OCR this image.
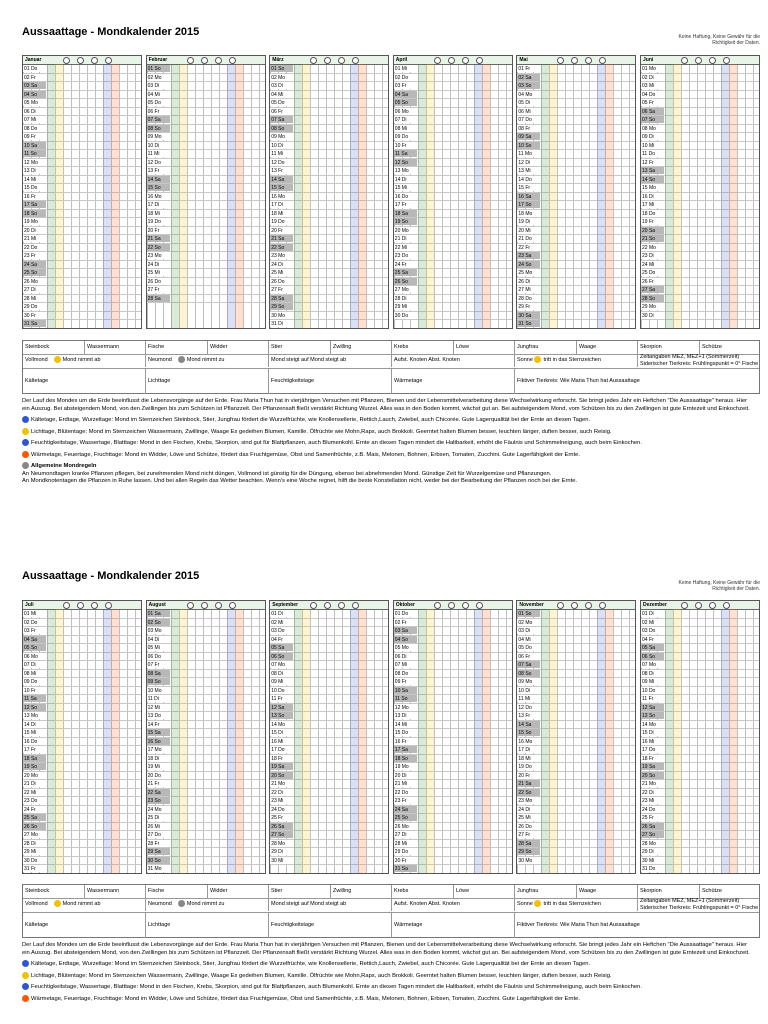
Aussaattage - Mondkalender 2015	Keine Haftung, Keine Gewähr für die Richtigkeit der Daten.
Januar
01 Do
02 Fr
03 Sa
04 So
05 Mo
06 Di
07 Mi
08 Do
09 Fr
10 Sa
11 So
12 Mo
13 Di
14 Mi
15 Do
16 Fr
17 Sa
18 So
19 Mo
20 Di
21 Mi
22 Do
23 Fr
24 Sa
25 So
26 Mo
27 Di
28 Mi
29 Do
30 Fr
31 Sa
Februar
01 So
02 Mo
03 Di
04 Mi
05 Do
06 Fr
07 Sa
08 So
09 Mo
10 Di
11 Mi
12 Do
13 Fr
14 Sa
15 So
16 Mo
17 Di
18 Mi
19 Do
20 Fr
21 Sa
22 So
23 Mo
24 Di
25 Mi
26 Do
27 Fr
28 Sa
März
01 So
02 Mo
03 Di
04 Mi
05 Do
06 Fr
07 Sa
08 So
09 Mo
10 Di
11 Mi
12 Do
13 Fr
14 Sa
15 So
16 Mo
17 Di
18 Mi
19 Do
20 Fr
21 Sa
22 So
23 Mo
24 Di
25 Mi
26 Do
27 Fr
28 Sa
29 So
30 Mo
31 Di
April
01 Mi
02 Do
03 Fr
04 Sa
05 So
06 Mo
07 Di
08 Mi
09 Do
10 Fr
11 Sa
12 So
13 Mo
14 Di
15 Mi
16 Do
17 Fr
18 Sa
19 So
20 Mo
21 Di
22 Mi
23 Do
24 Fr
25 Sa
26 So
27 Mo
28 Di
29 Mi
30 Do
Mai
01 Fr
02 Sa
03 So
04 Mo
05 Di
06 Mi
07 Do
08 Fr
09 Sa
10 So
11 Mo
12 Di
13 Mi
14 Do
15 Fr
16 Sa
17 So
18 Mo
19 Di
20 Mi
21 Do
22 Fr
23 Sa
24 So
25 Mo
26 Di
27 Mi
28 Do
29 Fr
30 Sa
31 So
Juni
01 Mo
02 Di
03 Mi
04 Do
05 Fr
06 Sa
07 So
08 Mo
09 Di
10 Mi
11 Do
12 Fr
13 Sa
14 So
15 Mo
16 Di
17 Mi
18 Do
19 Fr
20 Sa
21 So
22 Mo
23 Di
24 Mi
25 Do
26 Fr
27 Sa
28 So
29 Mo
30 Di
Steinbock	Wassermann	Fische	Widder	Stier	Zwilling	Krebs	Löwe	Jungfrau	Waage	Skorpion	Schütze
Vollmond	Mond nimmt ab	Neumond	Mond nimmt zu	Mond steigt auf Mond steigt ab	Aufst. Knoten Abst. Knoten	Sonne tritt in das Sternzeichen	Zeitangaben MEZ, MEZ+1 (Sommerzeit)
Siderischer Tierkreis: Frühlingspunkt = 0° Fische
Kältetage	Lichttage	Feuchtigkeitstage	Wärmetage	Fiktiver Tierkreis: Wie Maria Thun hat Aussaattage

Der Lauf des Mondes um die Erde beeinflusst die Lebensvorgänge auf der Erde. Frau Maria Thun hat in vierjährigen Versuchen mit Pflanzen, Bienen und der Lebensmittelverarbeitung diese Wechselwirkung erforscht. Sie bringt jedes Jahr ein Heftchen "Die Aussaattage" heraus. Hier ein Auszug. Bei absteigendem Mond, von den Zwillingen bis zum Schützen ist Pflanzzeit. Der Pflanzensaft fließt verstärkt Richtung Wurzel. Alles was in den Boden kommt, wächst gut an. Bei aufsteigendem Mond, vom Schützen bis zu den Zwillingen ist gute Erntezeit und Einkochzeit.

Kältetage, Erdtage, Wurzeltage: Mond im Sternzeichen Steinbock, Stier, Jungfrau fördert die Wurzelfrüchte, wie Knollensellerie, Rettich,Lauch, Zwiebel, auch Chicorée. Gute Lagerqualität bei der Ernte an diesen Tagen.

Lichttage, Blütentage: Mond im Sternzeichen Wassermann, Zwillinge, Waage Es gedeihen Blumen, Kamille. Ölfrüchte wie Mohn,Raps, auch Brokkoli. Geerntet halten Blumen besser, leuchten länger, duften besser, auch Reisig.

Feuchtigkeitstage, Wassertage, Blatttage: Mond in den Fischen, Krebs, Skorpion, sind gut für Blattpflanzen, auch Blumenkohl. Ernte an diesen Tagen mindert die Haltbarkeit, erhöht die Fäulnis und Schimmelneigung, auch beim Einkochen.

Wärmetage, Feuertage, Fruchttage: Mond im Widder, Löwe und Schütze, fördert das Fruchtgemüse, Obst und Samenfrüchte, z.B. Mais, Melonen, Bohnen, Erbsen, Tomaten, Zucchini. Gute Lagerfähigkeit der Ernte.

Allgemeine Mondregeln

An Neumondtagen kranke Pflanzen pflegen, bei zunehmenden Mond nicht düngen, Vollmond ist günstig für die Düngung, ebenso bei abnehmenden Mond. Günstige Zeit für Wurzelgemüse und Pflanzungen.

An Mondknotentagen die Pflanzen in Ruhe lassen. Und bei allen Regeln das Wetter beachten. Wenn's eine Woche regnet, hilft die beste Konstellation nicht, weder bei der Bearbeitung der Pflanzen noch bei der Ernte.

Aussaattage - Mondkalender 2015
Keine Haftung, Keine Gewähr für die Richtigkeit der Daten.
Juli
01 Mi
02 Do
03 Fr
04 Sa
05 So
06 Mo
07 Di
08 Mi
09 Do
10 Fr
11 Sa
12 So
13 Mo
14 Di
15 Mi
16 Do
17 Fr
18 Sa
19 So
20 Mo
21 Di
22 Mi
23 Do
24 Fr
25 Sa
26 So
27 Mo
28 Di
29 Mi
30 Do
31 Fr
August
01 Sa
02 So
03 Mo
04 Di
05 Mi
06 Do
07 Fr
08 Sa
09 So
10 Mo
11 Di
12 Mi
13 Do
14 Fr
15 Sa
16 So
17 Mo
18 Di
19 Mi
20 Do
21 Fr
22 Sa
23 So
24 Mo
25 Di
26 Mi
27 Do
28 Fr
29 Sa
30 So
31 Mo
September
01 Di
02 Mi
03 Do
04 Fr
05 Sa
06 So
07 Mo
08 Di
09 Mi
10 Do
11 Fr
12 Sa
13 So
14 Mo
15 Di
16 Mi
17 Do
18 Fr
19 Sa
20 So
21 Mo
22 Di
23 Mi
24 Do
25 Fr
26 Sa
27 So
28 Mo
29 Di
30 Mi
Oktober
01 Do
02 Fr
03 Sa
04 So
05 Mo
06 Di
07 Mi
08 Do
09 Fr
10 Sa
11 So
12 Mo
13 Di
14 Mi
15 Do
16 Fr
17 Sa
18 So
19 Mo
20 Di
21 Mi
22 Do
23 Fr
24 Sa
25 So
26 Mo
27 Di
28 Mi
29 Do
30 Fr
31 Sa
November
01 So
02 Mo
03 Di
04 Mi
05 Do
06 Fr
07 Sa
08 So
09 Mo
10 Di
11 Mi
12 Do
13 Fr
14 Sa
15 So
16 Mo
17 Di
18 Mi
19 Do
20 Fr
21 Sa
22 So
23 Mo
24 Di
25 Mi
26 Do
27 Fr
28 Sa
29 So
30 Mo
Dezember
01 Di
02 Mi
03 Do
04 Fr
05 Sa
06 So
07 Mo
08 Di
09 Mi
10 Do
11 Fr
12 Sa
13 So
14 Mo
15 Di
16 Mi
17 Do
18 Fr
19 Sa
20 So
21 Mo
22 Di
23 Mi
24 Do
25 Fr
26 Sa
27 So
28 Mo
29 Di
30 Mi
31 Do
Steinbock	Wassermann	Fische	Widder	Stier	Zwilling	Krebs	Löwe	Jungfrau	Waage	Skorpion	Schütze
Vollmond	Mond nimmt ab	Neumond	Mond nimmt zu	Mond steigt auf Mond steigt ab	Aufst. Knoten Abst. Knoten	Sonne tritt in das Sternzeichen	Zeitangaben MEZ, MEZ+1 (Sommerzeit)
Siderischer Tierkreis: Frühlingspunkt = 0° Fische
Kältetage	Lichttage	Feuchtigkeitstage	Wärmetage	Fiktiver Tierkreis: Wie Maria Thun hat Aussaattage

Der Lauf des Mondes um die Erde beeinflusst die Lebensvorgänge auf der Erde. Frau Maria Thun hat in vierjährigen Versuchen mit Pflanzen, Bienen und der Lebensmittelverarbeitung diese Wechselwirkung erforscht. Sie bringt jedes Jahr ein Heftchen "Die Aussaattage" heraus. Hier ein Auszug. Bei absteigendem Mond, von den Zwillingen bis zum Schützen ist Pflanzzeit. Der Pflanzensaft fließt verstärkt Richtung Wurzel. Alles was in den Boden kommt, wächst gut an. Bei aufsteigendem Mond, vom Schützen bis zu den Zwillingen ist gute Erntezeit und Einkochzeit.

Kältetage, Erdtage, Wurzeltage: Mond im Sternzeichen Steinbock, Stier, Jungfrau fördert die Wurzelfrüchte, wie Knollensellerie, Rettich,Lauch, Zwiebel, auch Chicorée. Gute Lagerqualität bei der Ernte an diesen Tagen.

Lichttage, Blütentage: Mond im Sternzeichen Wassermann, Zwillinge, Waage Es gedeihen Blumen, Kamille. Ölfrüchte wie Mohn,Raps, auch Brokkoli. Geerntet halten Blumen besser, leuchten länger, duften besser, auch Reisig.

Feuchtigkeitstage, Wassertage, Blatttage: Mond in den Fischen, Krebs, Skorpion, sind gut für Blattpflanzen, auch Blumenkohl. Ernte an diesen Tagen mindert die Haltbarkeit, erhöht die Fäulnis und Schimmelneigung, auch beim Einkochen.

Wärmetage, Feuertage, Fruchttage: Mond im Widder, Löwe und Schütze, fördert das Fruchtgemüse, Obst und Samenfrüchte, z.B. Mais, Melonen, Bohnen, Erbsen, Tomaten, Zucchini. Gute Lagerfähigkeit der Ernte.
